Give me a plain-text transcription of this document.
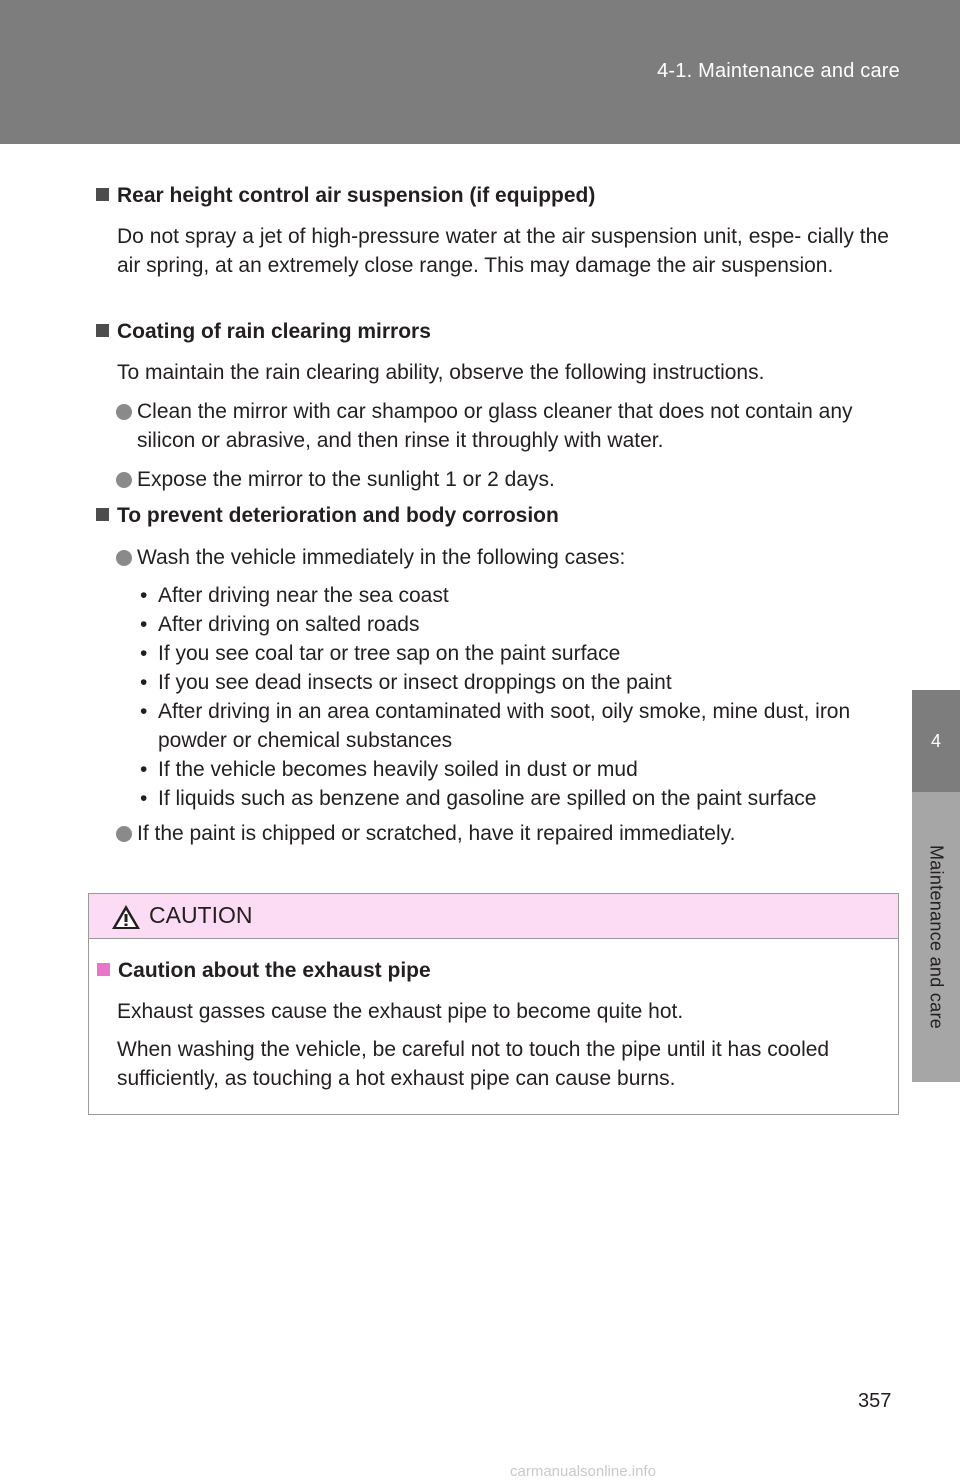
4-1. Maintenance and care
4
Maintenance and care
Rear height control air suspension (if equipped)
Do not spray a jet of high-pressure water at the air suspension unit, espe- cially the air spring, at an extremely close range. This may damage the air suspension.
Coating of rain clearing mirrors
To maintain the rain clearing ability, observe the following instructions.
Clean the mirror with car shampoo or glass cleaner that does not contain any silicon or abrasive, and then rinse it throughly with water.
Expose the mirror to the sunlight 1 or 2 days.
To prevent deterioration and body corrosion
Wash the vehicle immediately in the following cases:
• After driving near the sea coast
• After driving on salted roads
• If you see coal tar or tree sap on the paint surface
• If you see dead insects or insect droppings on the paint
• After driving in an area contaminated with soot, oily smoke, mine dust, iron powder or chemical substances
• If the vehicle becomes heavily soiled in dust or mud
• If liquids such as benzene and gasoline are spilled on the paint surface
If the paint is chipped or scratched, have it repaired immediately.
CAUTION
Caution about the exhaust pipe
Exhaust gasses cause the exhaust pipe to become quite hot.
When washing the vehicle, be careful not to touch the pipe until it has cooled sufficiently, as touching a hot exhaust pipe can cause burns.
357
carmanualsonline.info
